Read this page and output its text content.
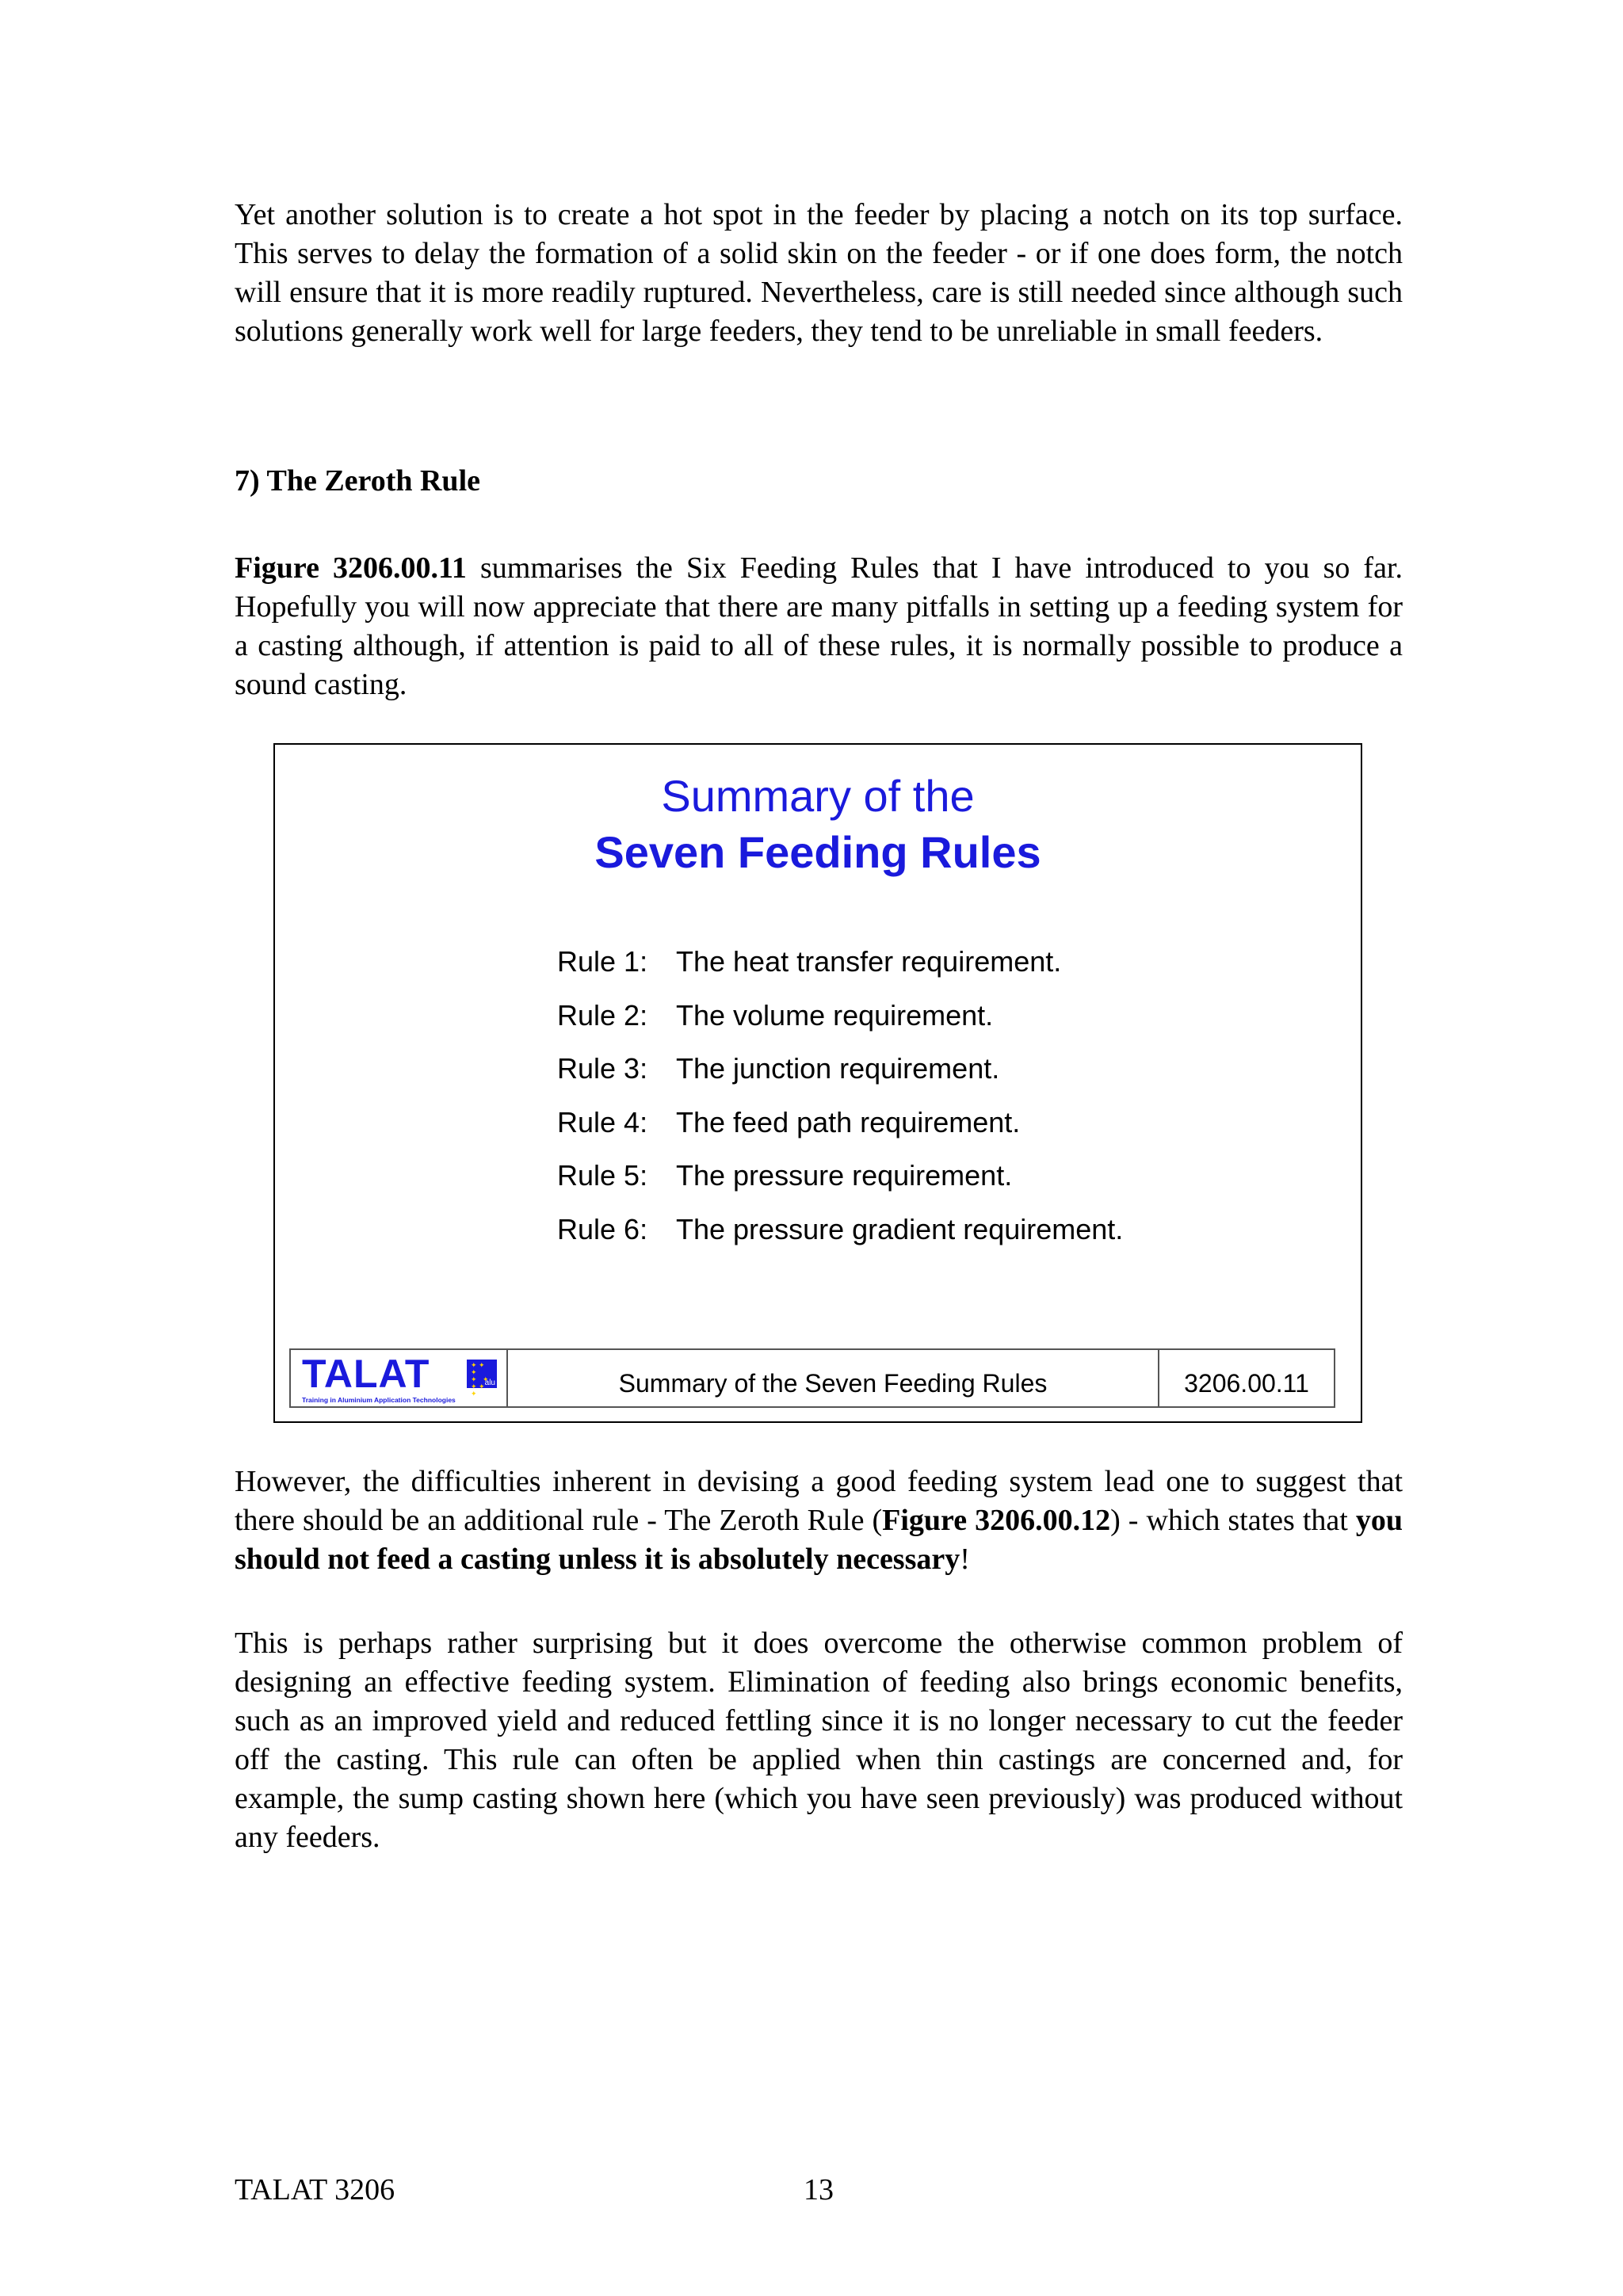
Yet another solution is to create a hot spot in the feeder by placing a notch on its top surface. This serves to delay the formation of a solid skin on the feeder - or if one does form, the notch will ensure that it is more readily ruptured. Nevertheless, care is still needed since although such solutions generally work well for large feeders, they tend to be unreliable in small feeders.

7) The Zeroth Rule

Figure 3206.00.11 summarises the Six Feeding Rules that I have introduced to you so far. Hopefully you will now appreciate that there are many pitfalls in setting up a feeding system for a casting although, if attention is paid to all of these rules, it is normally possible to produce a sound casting.

Summary of the

Seven Feeding Rules

Rule 1: The heat transfer requirement.
Rule 2: The volume requirement.
Rule 3: The junction requirement.
Rule 4: The feed path requirement.
Rule 5: The pressure requirement.
Rule 6: The pressure gradient requirement.
TALAT	✦ ✦ ✦
✦   ✦
✦ ✦ ✦
alu
Training in Aluminium Application Technologies
Summary of the Seven Feeding Rules	3206.00.11

However, the difficulties inherent in devising a good feeding system lead one to suggest that there should be an additional rule - The Zeroth Rule (Figure 3206.00.12) - which states that you should not feed a casting unless it is absolutely necessary!

This is perhaps rather surprising but it does overcome the otherwise common problem of designing an effective feeding system. Elimination of feeding also brings economic benefits, such as an improved yield and reduced fettling since it is no longer necessary to cut the feeder off the casting. This rule can often be applied when thin castings are concerned and, for example, the sump casting shown here (which you have seen previously) was produced without any feeders.

TALAT 3206	13
